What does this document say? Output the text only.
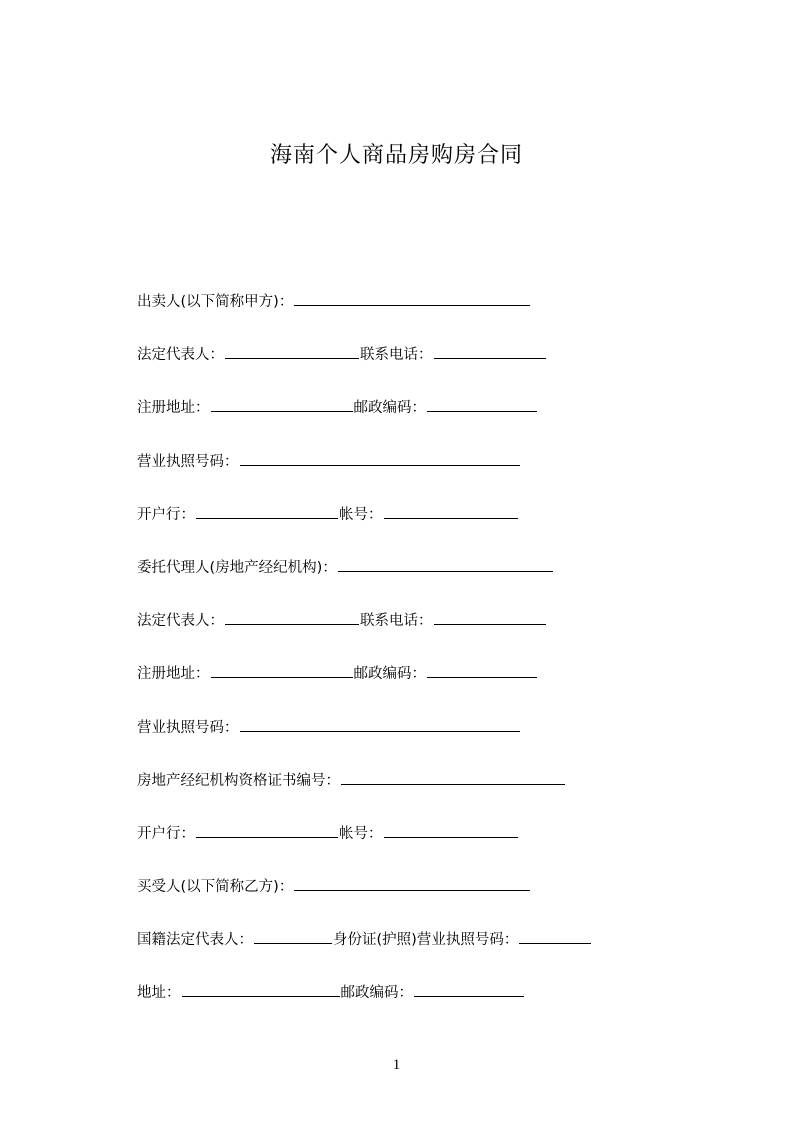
海南个人商品房购房合同
出卖人(以下简称甲方)：
法定代表人：	联系电话：
注册地址：	邮政编码：
营业执照号码：
开户行：	帐号：
委托代理人(房地产经纪机构)：
法定代表人：	联系电话：
注册地址：	邮政编码：
营业执照号码：
房地产经纪机构资格证书编号：
开户行：	帐号：
买受人(以下简称乙方)：
国籍法定代表人：	身份证(护照)营业执照号码：
地址：	邮政编码：
1
